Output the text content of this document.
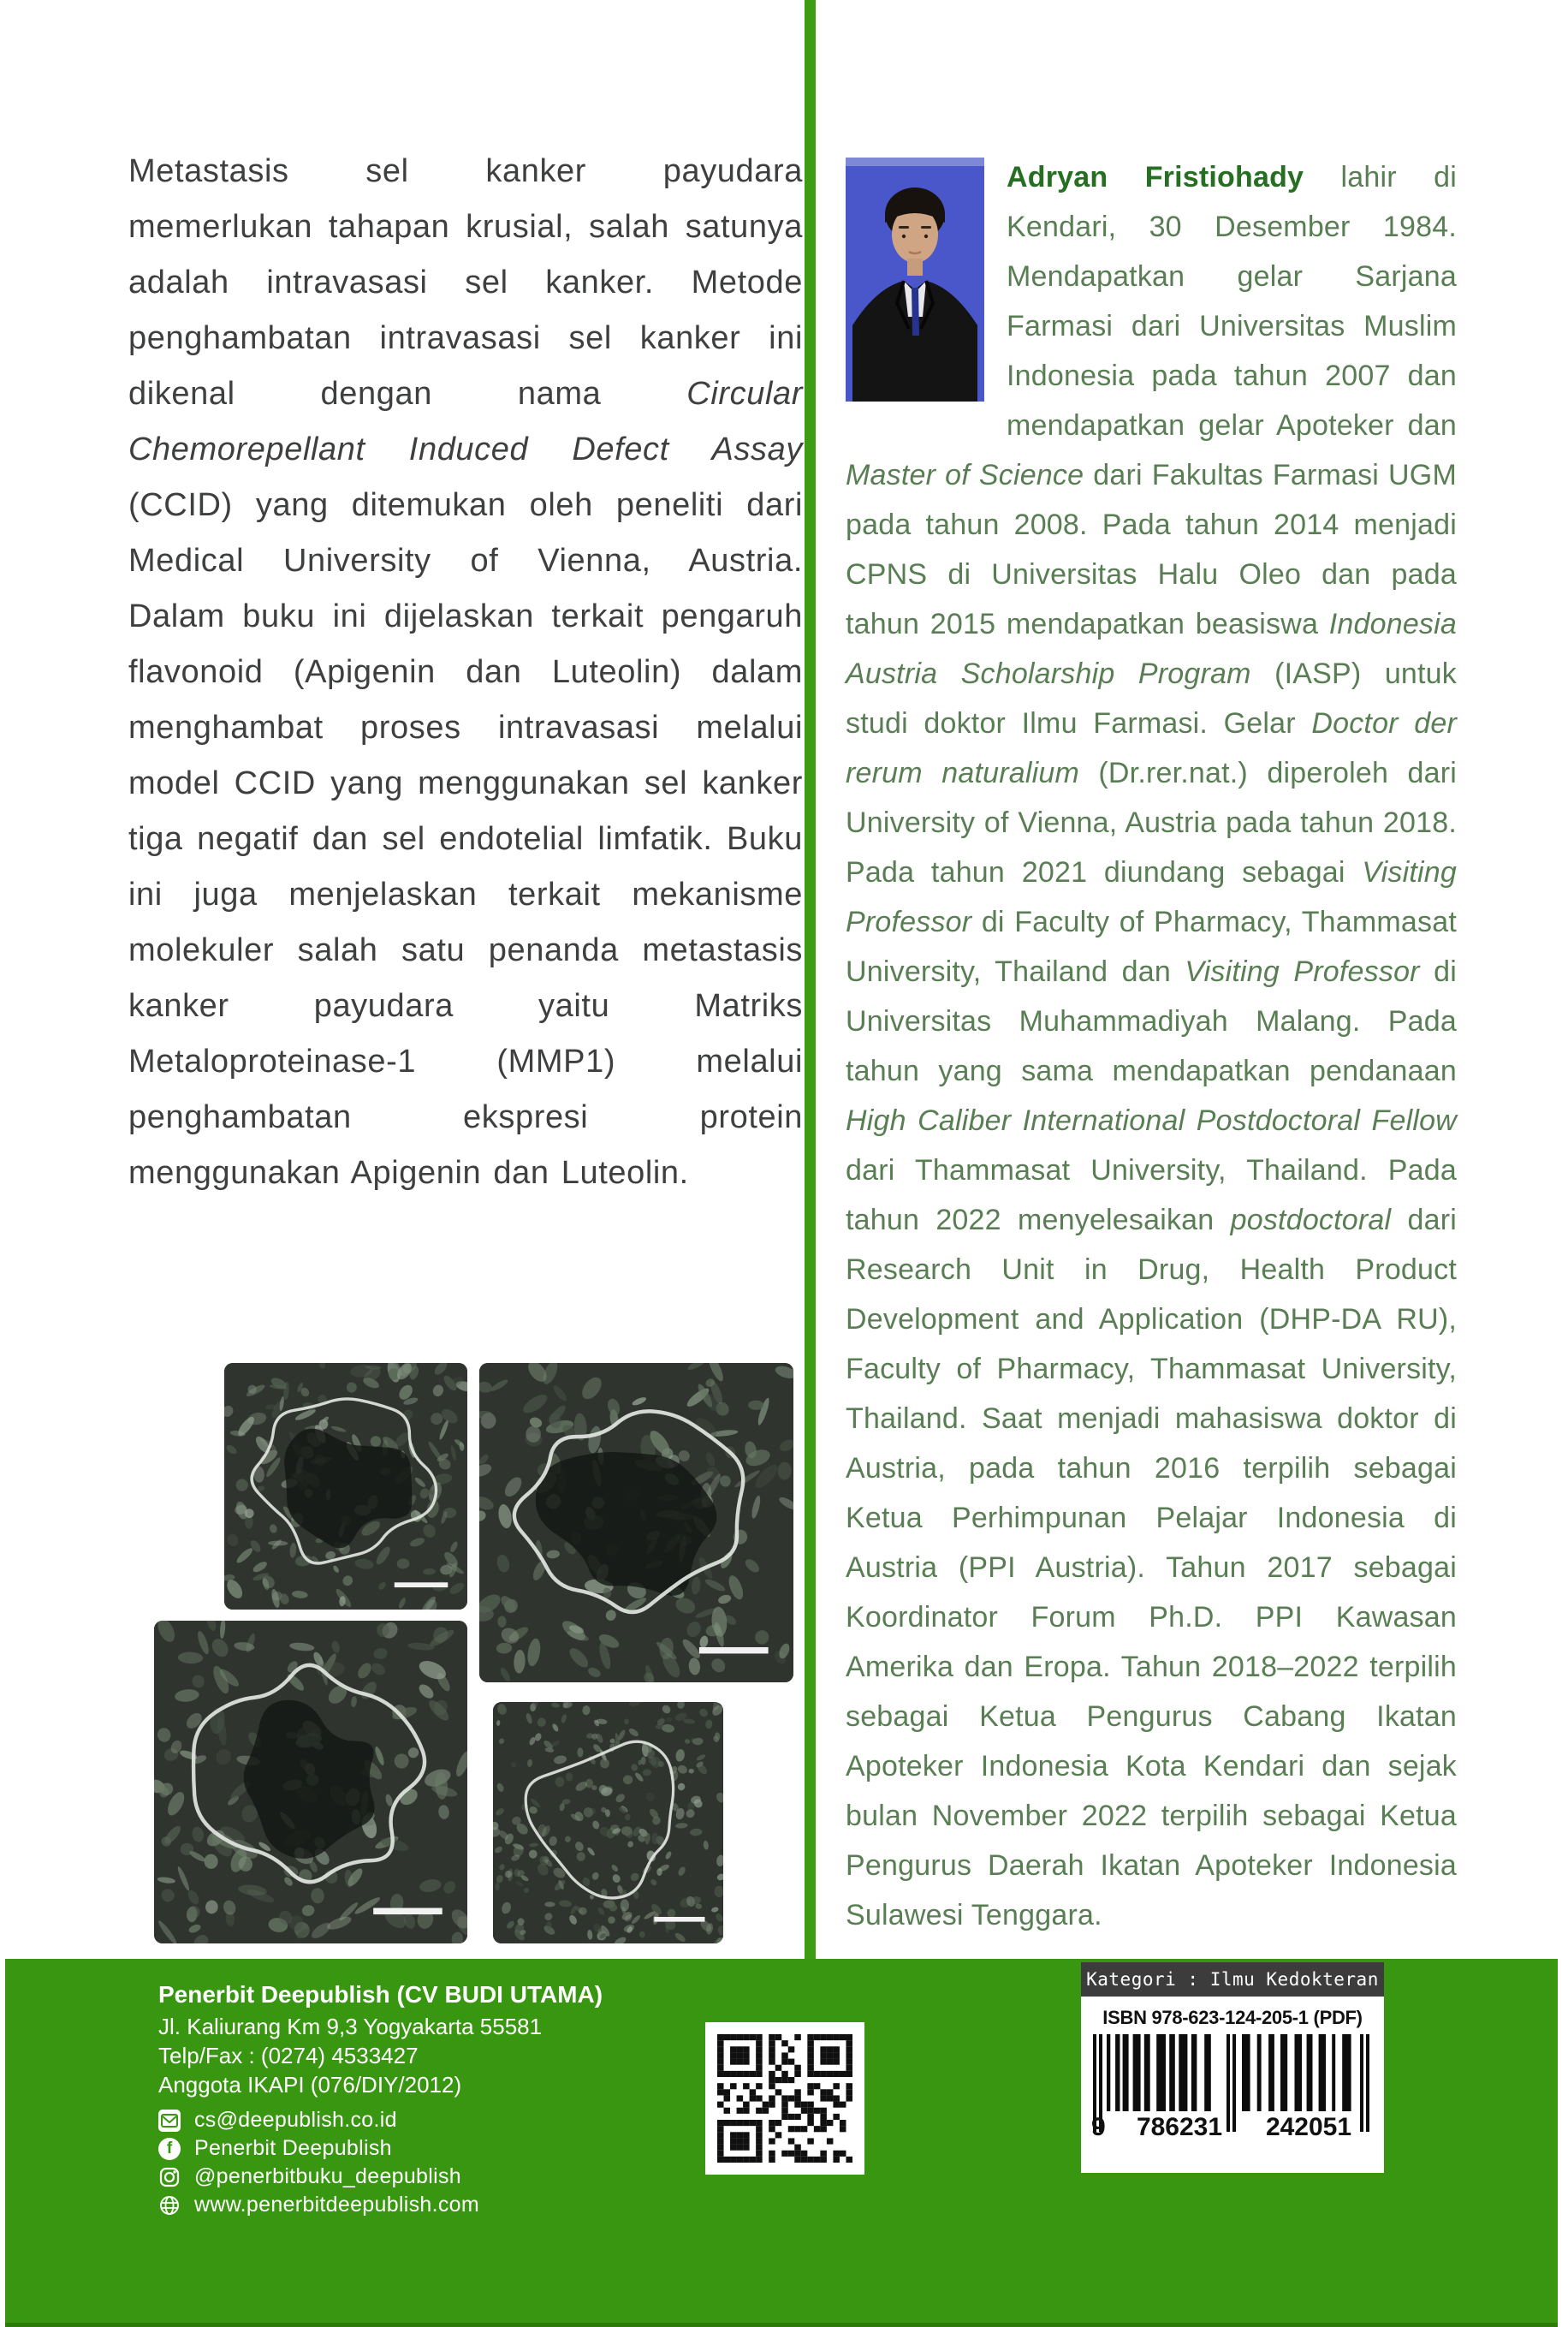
Metastasis sel kanker payudara memerlukan tahapan krusial, salah satunya adalah intravasasi sel kanker. Metode penghambatan intravasasi sel kanker ini dikenal dengan nama Circular Chemorepellant Induced Defect Assay (CCID) yang ditemukan oleh peneliti dari Medical University of Vienna, Austria. Dalam buku ini dijelaskan terkait pengaruh flavonoid (Apigenin dan Luteolin) dalam menghambat proses intravasasi melalui model CCID yang menggunakan sel kanker tiga negatif dan sel endotelial limfatik. Buku ini juga menjelaskan terkait mekanisme molekuler salah satu penanda metastasis kanker payudara yaitu Matriks Metaloproteinase-1 (MMP1) melalui penghambatan ekspresi protein menggunakan Apigenin dan Luteolin.

Adryan Fristiohady lahir di Kendari, 30 Desember 1984. Mendapatkan gelar Sarjana Farmasi dari Universitas Muslim Indonesia pada tahun 2007 dan mendapatkan gelar Apoteker dan Master of Science dari Fakultas Farmasi UGM pada tahun 2008. Pada tahun 2014 menjadi CPNS di Universitas Halu Oleo dan pada tahun 2015 mendapatkan beasiswa Indonesia Austria Scholarship Program (IASP) untuk studi doktor Ilmu Farmasi. Gelar Doctor der rerum naturalium (Dr.rer.nat.) diperoleh dari University of Vienna, Austria pada tahun 2018. Pada tahun 2021 diundang sebagai Visiting Professor di Faculty of Pharmacy, Thammasat University, Thailand dan Visiting Professor di Universitas Muhammadiyah Malang. Pada tahun yang sama mendapatkan pendanaan High Caliber International Postdoctoral Fellow dari Thammasat University, Thailand. Pada tahun 2022 menyelesaikan postdoctoral dari Research Unit in Drug, Health Product Development and Application (DHP-DA RU), Faculty of Pharmacy, Thammasat University, Thailand. Saat menjadi mahasiswa doktor di Austria, pada tahun 2016 terpilih sebagai Ketua Perhimpunan Pelajar Indonesia di Austria (PPI Austria). Tahun 2017 sebagai Koordinator Forum Ph.D. PPI Kawasan Amerika dan Eropa. Tahun 2018–2022 terpilih sebagai Ketua Pengurus Cabang Ikatan Apoteker Indonesia Kota Kendari dan sejak bulan November 2022 terpilih sebagai Ketua Pengurus Daerah Ikatan Apoteker Indonesia Sulawesi Tenggara.

Penerbit Deepublish (CV BUDI UTAMA)
Jl. Kaliurang Km 9,3 Yogyakarta 55581
Telp/Fax : (0274) 4533427
Anggota IKAPI (076/DIY/2012)
cs@deepublish.co.id
f Penerbit Deepublish
@penerbitbuku_deepublish
www.penerbitdeepublish.com
Kategori : Ilmu Kedokteran
ISBN 978-623-124-205-1 (PDF)
9	786231	242051
